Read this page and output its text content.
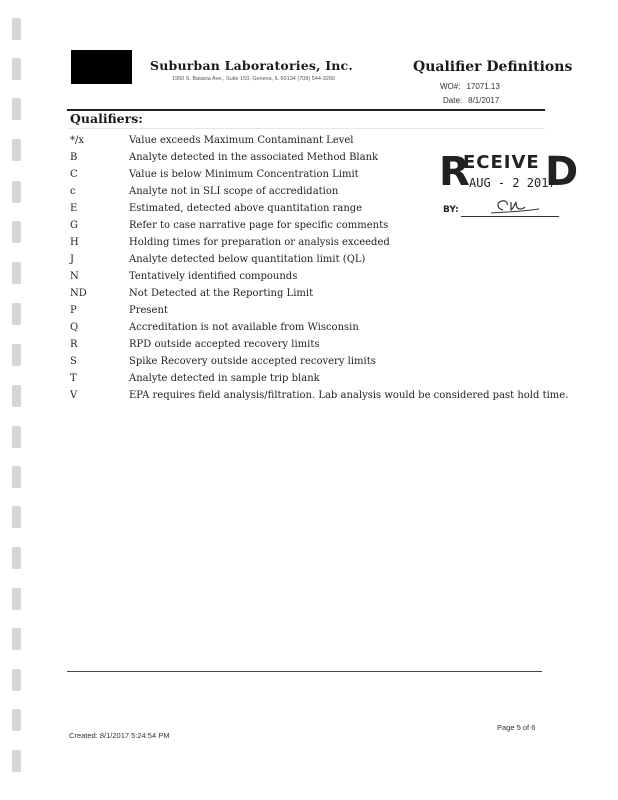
Suburban Laboratories, Inc.
1950 S. Batavia Ave., Suite 150, Geneva, IL 60134 (708) 544-3260
Qualifier Definitions
WO#: 17071.13
Date: 8/1/2017
Qualifiers:
*/x	Value exceeds Maximum Contaminant Level
B	Analyte detected in the associated Method Blank
C	Value is below Minimum Concentration Limit
c	Analyte not in SLI scope of accredidation
E	Estimated, detected above quantitation range
G	Refer to case narrative page for specific comments
H	Holding times for preparation or analysis exceeded
J	Analyte detected below quantitation limit (QL)
N	Tentatively identified compounds
ND	Not Detected at the Reporting Limit
P	Present
Q	Accreditation is not available from Wisconsin
R	RPD outside accepted recovery limits
S	Spike Recovery outside accepted recovery limits
T	Analyte detected in sample trip blank
V	EPA requires field analysis/filtration. Lab analysis would be considered past hold time.
R
ECEIVE D
AUG - 2 2017
BY:
Created: 8/1/2017 5:24:54 PM
Page 5 of 6
